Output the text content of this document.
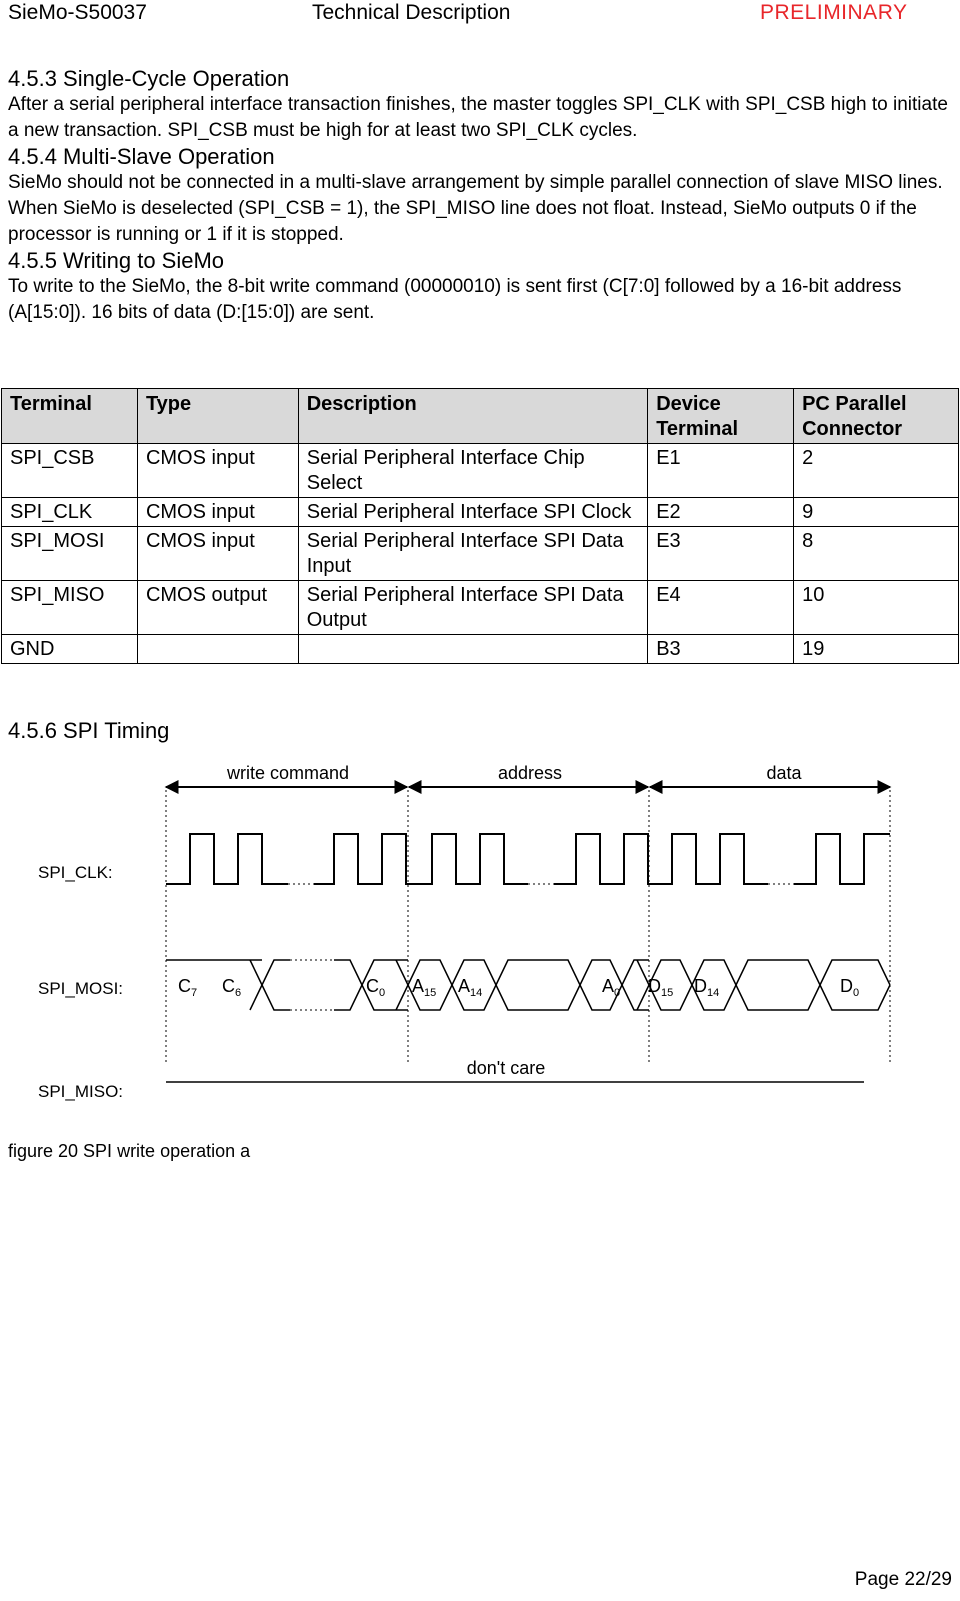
SieMo-S50037	Technical Description	PRELIMINARY
4.5.3 Single-Cycle Operation

After a serial peripheral interface transaction finishes, the master toggles SPI_CLK with SPI_CSB high to initiate a new transaction. SPI_CSB must be high for at least two SPI_CLK cycles.

4.5.4 Multi-Slave Operation

SieMo should not be connected in a multi-slave arrangement by simple parallel connection of slave MISO lines. When SieMo is deselected (SPI_CSB = 1), the SPI_MISO line does not float. Instead, SieMo outputs 0 if the processor is running or 1 if it is stopped.

4.5.5 Writing to SieMo

To write to the SieMo, the 8-bit write command (00000010) is sent first (C[7:0] followed by a 16-bit address (A[15:0]). 16 bits of data (D:[15:0]) are sent.

Terminal	Type	Description	Device Terminal	PC Parallel Connector
SPI_CSB	CMOS input	Serial Peripheral Interface Chip Select	E1	2
SPI_CLK	CMOS input	Serial Peripheral Interface SPI Clock	E2	9
SPI_MOSI	CMOS input	Serial Peripheral Interface SPI Data Input	E3	8
SPI_MISO	CMOS output	Serial Peripheral Interface SPI Data Output	E4	10
GND			B3	19
4.5.6 SPI Timing
write command	address	data
SPI_CLK:
SPI_MOSI:
SPI_MISO:
$C_7$ $C_6$	$C_0$ $A_{15}$ $A_{14}$	$A_0$ $D_{15}$ $D_{14}$	$D_0$
don't care
figure 20 SPI write operation a
Page 22/29
